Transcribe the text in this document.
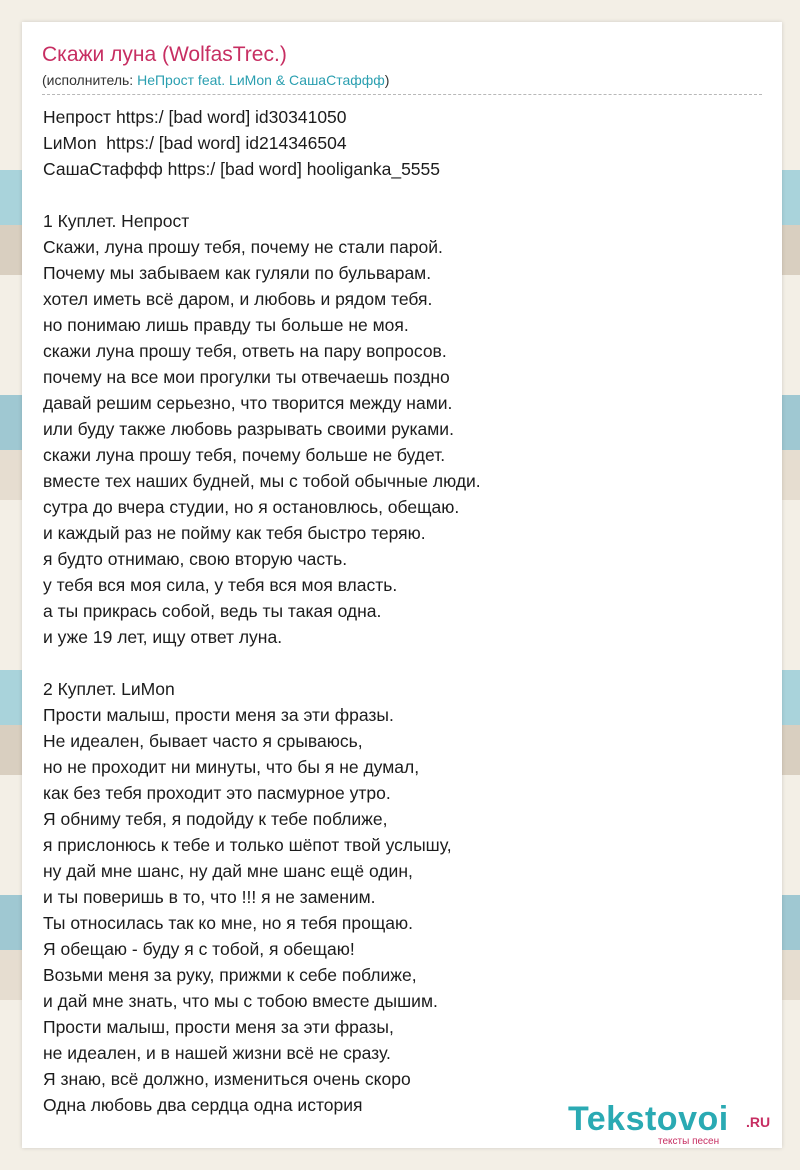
Скажи луна (WolfasTrec.)
(исполнитель: НеПрост feat. LиMon & СашаСтаффф)
Непрост https:/ [bad word] id30341050
LиMon  https:/ [bad word] id214346504
СашаСтаффф https:/ [bad word] hooliganka_5555
1 Куплет. Непрост
Скажи, луна прошу тебя, почему не стали парой.
Почему мы забываем как гуляли по бульварам.
хотел иметь всё даром, и любовь и рядом тебя.
но понимаю лишь правду ты больше не моя.
скажи луна прошу тебя, ответь на пару вопросов.
почему на все мои прогулки ты отвечаешь поздно
давай решим серьезно, что творится между нами.
или буду также любовь разрывать своими руками.
скажи луна прошу тебя, почему больше не будет.
вместе тех наших будней, мы с тобой обычные люди.
сутра до вчера студии, но я остановлюсь, обещаю.
и каждый раз не пойму как тебя быстро теряю.
я будто отнимаю, свою вторую часть.
у тебя вся моя сила, у тебя вся моя власть.
а ты прикрась собой, ведь ты такая одна.
и уже 19 лет, ищу ответ луна.
2 Куплет. LиMon
Прости малыш, прости меня за эти фразы.
Не идеален, бывает часто я срываюсь,
но не проходит ни минуты, что бы я не думал,
как без тебя проходит это пасмурное утро.
Я обниму тебя, я подойду к тебе поближе,
я прислонюсь к тебе и только шёпот твой услышу,
ну дай мне шанс, ну дай мне шанс ещё один,
и ты поверишь в то, что !!! я не заменим.
Ты относилась так ко мне, но я тебя прощаю.
Я обещаю - буду я с тобой, я обещаю!
Возьми меня за руку, прижми к себе поближе,
и дай мне знать, что мы с тобою вместе дышим.
Прости малыш, прости меня за эти фразы,
не идеален, и в нашей жизни всё не сразу.
Я знаю, всё должно, измениться очень скоро
Одна любовь два сердца одна история	Tekstovoi .RU
тексты песен
